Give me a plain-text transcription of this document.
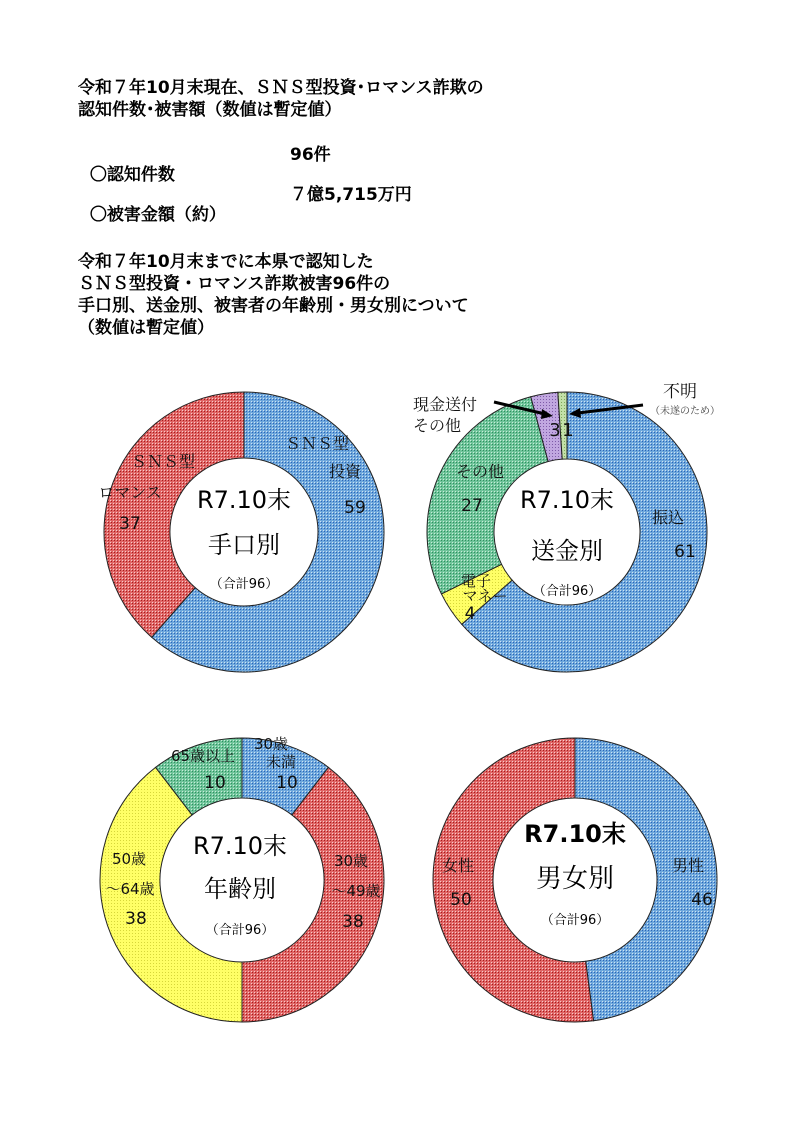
令和７年10月末現在、ＳＮＳ型投資･ロマンス詐欺の
認知件数･被害額（数値は暫定値）

〇認知件数

96件

〇被害金額（約）

７億5,715万円

令和７年10月末までに本県で認知した
ＳＮＳ型投資・ロマンス詐欺被害96件の
手口別、送金別、被害者の年齢別・男女別について
（数値は暫定値）
ＳＮＳ型
投資
59
ＳＮＳ型
ロマンス
37
R7.10末
手口別
（合計96）
振込
61
電子
マネー
4
その他
27
現金送付
その他	3 1
不明
（未遂のため）
R7.10末
送金別
（合計96）
30歳
未満
10
65歳以上
10
30歳
～49歳
38
50歳
～64歳
38
R7.10末
年齢別
（合計96）
男性
46
女性
50
R7.10末
男女別
（合計96）
